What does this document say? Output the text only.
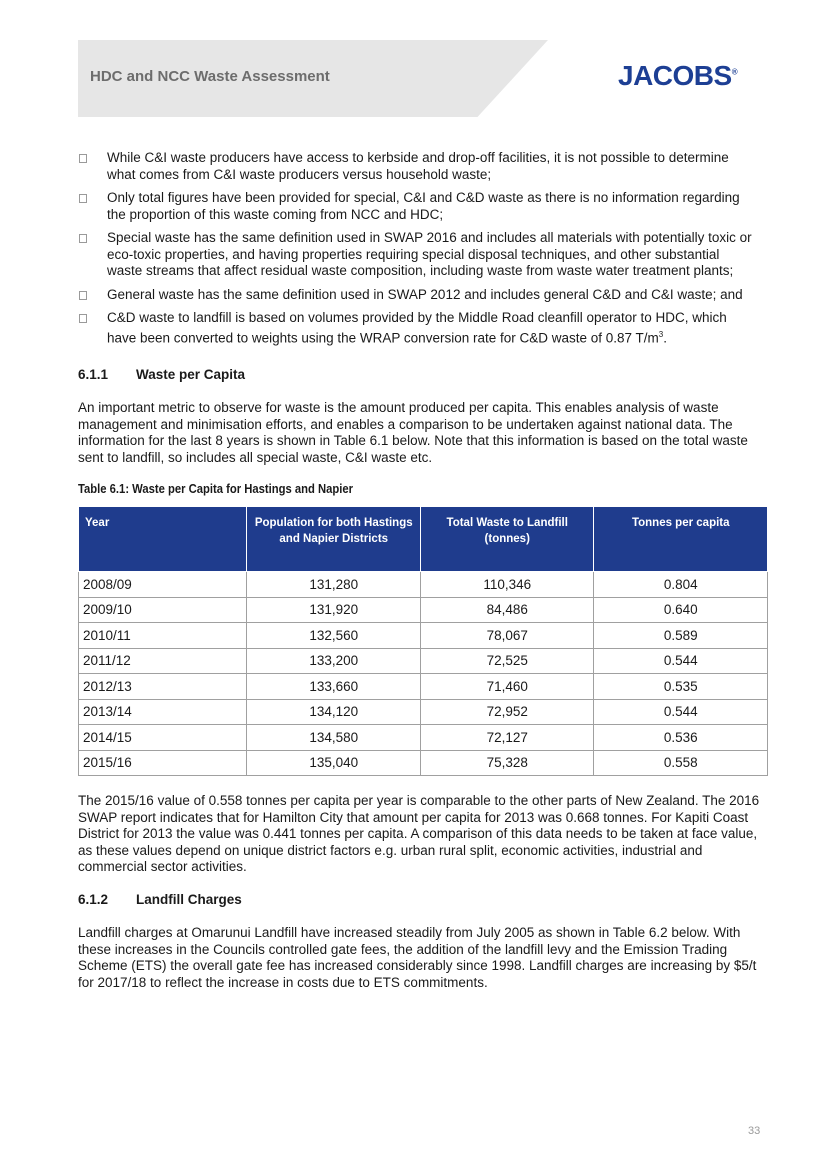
HDC and NCC Waste Assessment	JACOBS®
While C&I waste producers have access to kerbside and drop-off facilities, it is not possible to determine what comes from C&I waste producers versus household waste;
Only total figures have been provided for special, C&I and C&D waste as there is no information regarding the proportion of this waste coming from NCC and HDC;
Special waste has the same definition used in SWAP 2016 and includes all materials with potentially toxic or eco-toxic properties, and having properties requiring special disposal techniques, and other substantial waste streams that affect residual waste composition, including waste from waste water treatment plants;
General waste has the same definition used in SWAP 2012 and includes general C&D and C&I waste; and
C&D waste to landfill is based on volumes provided by the Middle Road cleanfill operator to HDC, which have been converted to weights using the WRAP conversion rate for C&D waste of 0.87 $T/m^3$.
6.1.1 Waste per Capita

An important metric to observe for waste is the amount produced per capita. This enables analysis of waste management and minimisation efforts, and enables a comparison to be undertaken against national data. The information for the last 8 years is shown in Table 6.1 below. Note that this information is based on the total waste sent to landfill, so includes all special waste, C&I waste etc.

Table 6.1: Waste per Capita for Hastings and Napier
Year	Population for both Hastings and Napier Districts	Total Waste to Landfill (tonnes)	Tonnes per capita
2008/09	131,280	110,346	0.804
2009/10	131,920	84,486	0.640
2010/11	132,560	78,067	0.589
2011/12	133,200	72,525	0.544
2012/13	133,660	71,460	0.535
2013/14	134,120	72,952	0.544
2014/15	134,580	72,127	0.536
2015/16	135,040	75,328	0.558

The 2015/16 value of 0.558 tonnes per capita per year is comparable to the other parts of New Zealand. The 2016 SWAP report indicates that for Hamilton City that amount per capita for 2013 was 0.668 tonnes. For Kapiti Coast District for 2013 the value was 0.441 tonnes per capita. A comparison of this data needs to be taken at face value, as these values depend on unique district factors e.g. urban rural split, economic activities, industrial and commercial sector activities.

6.1.2 Landfill Charges

Landfill charges at Omarunui Landfill have increased steadily from July 2005 as shown in Table 6.2 below. With these increases in the Councils controlled gate fees, the addition of the landfill levy and the Emission Trading Scheme (ETS) the overall gate fee has increased considerably since 1998. Landfill charges are increasing by $5/t for 2017/18 to reflect the increase in costs due to ETS commitments.

33
